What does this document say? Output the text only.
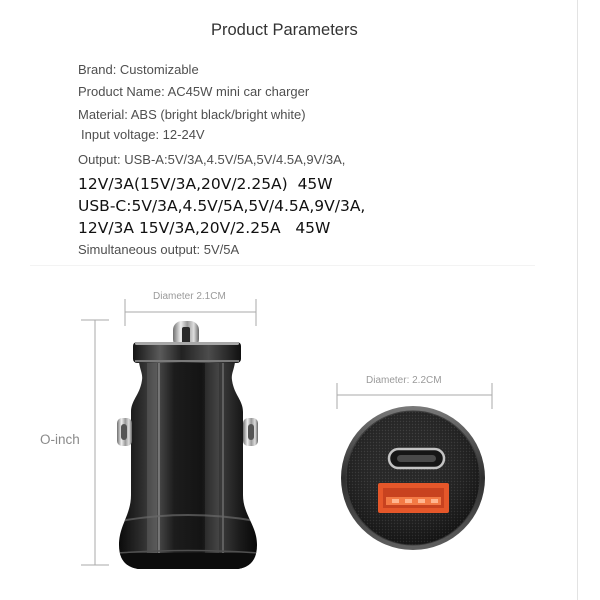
Product Parameters

Brand: Customizable

Product Name: AC45W mini car charger

Material: ABS (bright black/bright white)

Input voltage: 12-24V

Output: USB-A:5V/3A,4.5V/5A,5V/4.5A,9V/3A,

12V/3A(15V/3A,20V/2.25A)  45W

USB-C:5V/3A,4.5V/5A,5V/4.5A,9V/3A,

12V/3A 15V/3A,20V/2.25A   45W

Simultaneous output: 5V/5A

Diameter 2.1CM
O-inch
Diameter: 2.2CM
